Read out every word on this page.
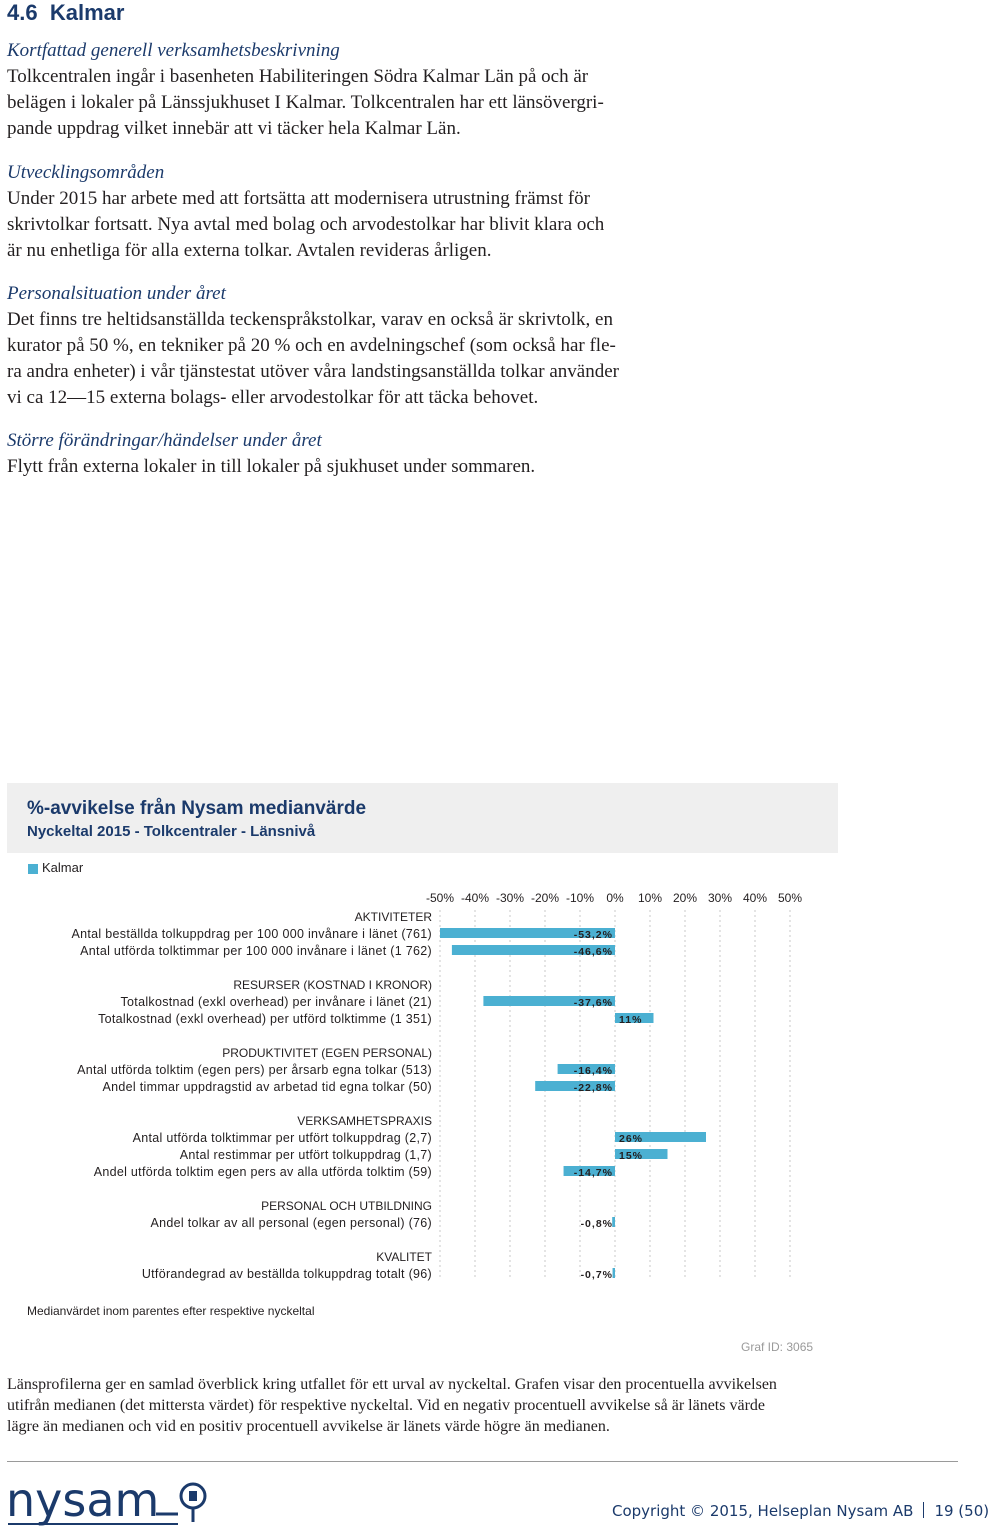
4.6 Kalmar
Kortfattad generell verksamhetsbeskrivning
Tolkcentralen ingår i basenheten Habiliteringen Södra Kalmar Län på och är
belägen i lokaler på Länssjukhuset I Kalmar. Tolkcentralen har ett länsövergri-
pande uppdrag vilket innebär att vi täcker hela Kalmar Län.
Utvecklingsområden
Under 2015 har arbete med att fortsätta att modernisera utrustning främst för
skrivtolkar fortsatt. Nya avtal med bolag och arvodestolkar har blivit klara och
är nu enhetliga för alla externa tolkar. Avtalen revideras årligen.
Personalsituation under året
Det finns tre heltidsanställda teckenspråkstolkar, varav en också är skrivtolk, en
kurator på 50 %, en tekniker på 20 % och en avdelningschef (som också har fle-
ra andra enheter) i vår tjänstestat utöver våra landstingsanställda tolkar använder
vi ca 12—15 externa bolags- eller arvodestolkar för att täcka behovet.
Större förändringar/händelser under året
Flytt från externa lokaler in till lokaler på sjukhuset under sommaren.
%-avvikelse från Nysam medianvärde
Nyckeltal 2015 - Tolkcentraler - Länsnivå
Kalmar
-50% -40% -30% -20% -10% 0% 10% 20% 30% 40% 50%
AKTIVITETER
Antal beställda tolkuppdrag per 100 000 invånare i länet (761)	-53,2%
Antal utförda tolktimmar per 100 000 invånare i länet (1 762)	-46,6%
RESURSER (KOSTNAD I KRONOR)
Totalkostnad (exkl overhead) per invånare i länet (21)	-37,6%
Totalkostnad (exkl overhead) per utförd tolktimme (1 351)	11%
PRODUKTIVITET (EGEN PERSONAL)
Antal utförda tolktim (egen pers) per årsarb egna tolkar (513)	-16,4%
Andel timmar uppdragstid av arbetad tid egna tolkar (50)	-22,8%
VERKSAMHETSPRAXIS
Antal utförda tolktimmar per utfört tolkuppdrag (2,7)	26%
Antal restimmar per utfört tolkuppdrag (1,7)	15%
Andel utförda tolktim egen pers av alla utförda tolktim (59)	-14,7%
PERSONAL OCH UTBILDNING
Andel tolkar av all personal (egen personal) (76)	-0,8%
KVALITET
Utförandegrad av beställda tolkuppdrag totalt (96)	-0,7%
Medianvärdet inom parentes efter respektive nyckeltal
Graf ID: 3065
Länsprofilerna ger en samlad överblick kring utfallet för ett urval av nyckeltal. Grafen visar den procentuella avvikelsen
utifrån medianen (det mittersta värdet) för respektive nyckeltal. Vid en negativ procentuell avvikelse så är länets värde
lägre än medianen och vid en positiv procentuell avvikelse är länets värde högre än medianen.
nysam	Copyright © 2015, Helseplan Nysam AB 19 (50)
